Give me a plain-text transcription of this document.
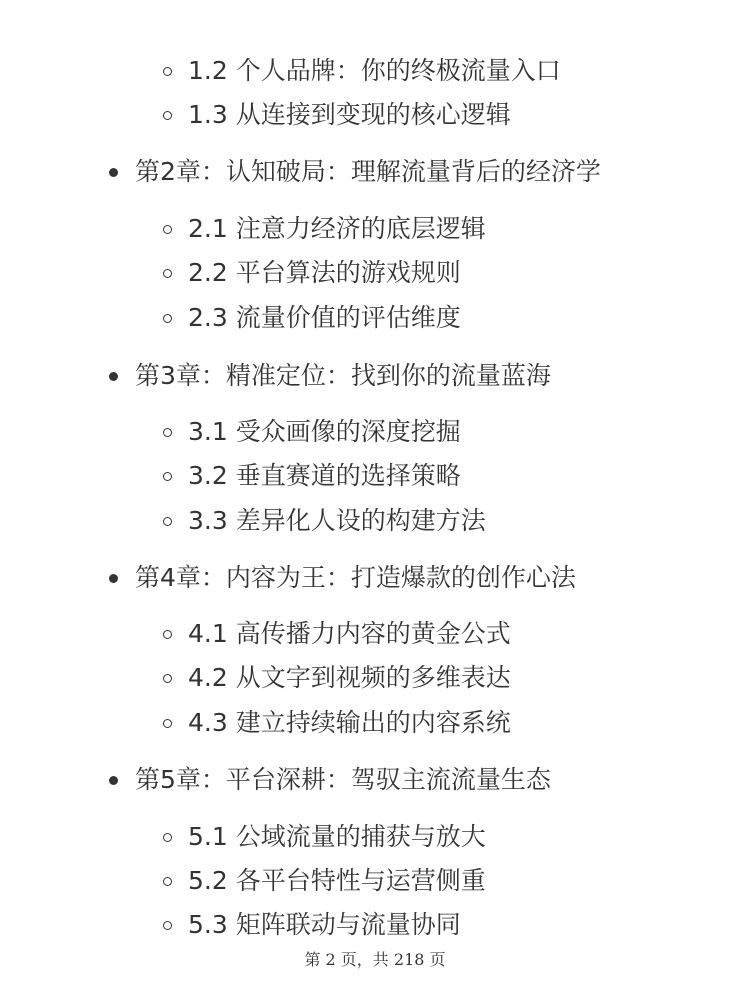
1.2 个人品牌：你的终极流量入口
1.3 从连接到变现的核心逻辑
第2章：认知破局：理解流量背后的经济学
2.1 注意力经济的底层逻辑
2.2 平台算法的游戏规则
2.3 流量价值的评估维度
第3章：精准定位：找到你的流量蓝海
3.1 受众画像的深度挖掘
3.2 垂直赛道的选择策略
3.3 差异化人设的构建方法
第4章：内容为王：打造爆款的创作心法
4.1 高传播力内容的黄金公式
4.2 从文字到视频的多维表达
4.3 建立持续输出的内容系统
第5章：平台深耕：驾驭主流流量生态
5.1 公域流量的捕获与放大
5.2 各平台特性与运营侧重
5.3 矩阵联动与流量协同
第 2 页，共 218 页
